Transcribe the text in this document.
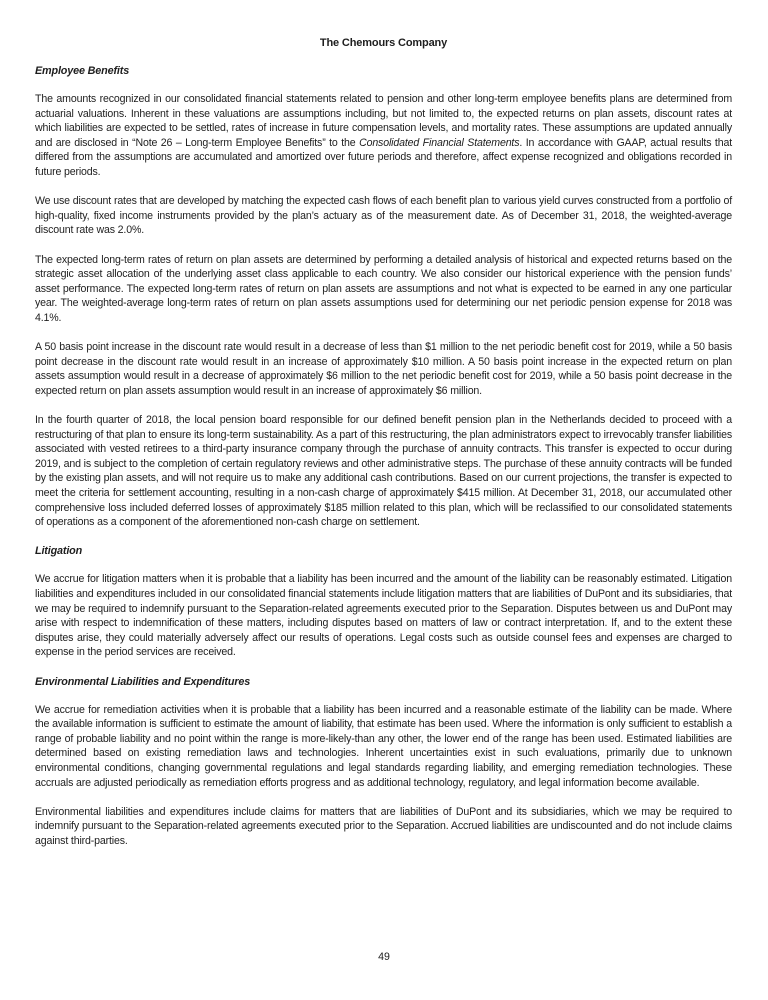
The Chemours Company
Employee Benefits

The amounts recognized in our consolidated financial statements related to pension and other long-term employee benefits plans are determined from actuarial valuations. Inherent in these valuations are assumptions including, but not limited to, the expected returns on plan assets, discount rates at which liabilities are expected to be settled, rates of increase in future compensation levels, and mortality rates. These assumptions are updated annually and are disclosed in “Note 26 – Long-term Employee Benefits” to the Consolidated Financial Statements. In accordance with GAAP, actual results that differed from the assumptions are accumulated and amortized over future periods and therefore, affect expense recognized and obligations recorded in future periods.

We use discount rates that are developed by matching the expected cash flows of each benefit plan to various yield curves constructed from a portfolio of high-quality, fixed income instruments provided by the plan’s actuary as of the measurement date. As of December 31, 2018, the weighted-average discount rate was 2.0%.

The expected long-term rates of return on plan assets are determined by performing a detailed analysis of historical and expected returns based on the strategic asset allocation of the underlying asset class applicable to each country. We also consider our historical experience with the pension funds’ asset performance. The expected long-term rates of return on plan assets are assumptions and not what is expected to be earned in any one particular year. The weighted-average long-term rates of return on plan assets assumptions used for determining our net periodic pension expense for 2018 was 4.1%.

A 50 basis point increase in the discount rate would result in a decrease of less than $1 million to the net periodic benefit cost for 2019, while a 50 basis point decrease in the discount rate would result in an increase of approximately $10 million. A 50 basis point increase in the expected return on plan assets assumption would result in a decrease of approximately $6 million to the net periodic benefit cost for 2019, while a 50 basis point decrease in the expected return on plan assets assumption would result in an increase of approximately $6 million.

In the fourth quarter of 2018, the local pension board responsible for our defined benefit pension plan in the Netherlands decided to proceed with a restructuring of that plan to ensure its long-term sustainability. As a part of this restructuring, the plan administrators expect to irrevocably transfer liabilities associated with vested retirees to a third-party insurance company through the purchase of annuity contracts. This transfer is expected to occur during 2019, and is subject to the completion of certain regulatory reviews and other administrative steps. The purchase of these annuity contracts will be funded by the existing plan assets, and will not require us to make any additional cash contributions. Based on our current projections, the transfer is expected to meet the criteria for settlement accounting, resulting in a non-cash charge of approximately $415 million. At December 31, 2018, our accumulated other comprehensive loss included deferred losses of approximately $185 million related to this plan, which will be reclassified to our consolidated statements of operations as a component of the aforementioned non-cash charge on settlement.

Litigation

We accrue for litigation matters when it is probable that a liability has been incurred and the amount of the liability can be reasonably estimated. Litigation liabilities and expenditures included in our consolidated financial statements include litigation matters that are liabilities of DuPont and its subsidiaries, that we may be required to indemnify pursuant to the Separation-related agreements executed prior to the Separation. Disputes between us and DuPont may arise with respect to indemnification of these matters, including disputes based on matters of law or contract interpretation. If, and to the extent these disputes arise, they could materially adversely affect our results of operations. Legal costs such as outside counsel fees and expenses are charged to expense in the period services are received.

Environmental Liabilities and Expenditures

We accrue for remediation activities when it is probable that a liability has been incurred and a reasonable estimate of the liability can be made. Where the available information is sufficient to estimate the amount of liability, that estimate has been used. Where the information is only sufficient to establish a range of probable liability and no point within the range is more-likely-than any other, the lower end of the range has been used. Estimated liabilities are determined based on existing remediation laws and technologies. Inherent uncertainties exist in such evaluations, primarily due to unknown environmental conditions, changing governmental regulations and legal standards regarding liability, and emerging remediation technologies. These accruals are adjusted periodically as remediation efforts progress and as additional technology, regulatory, and legal information become available.

Environmental liabilities and expenditures include claims for matters that are liabilities of DuPont and its subsidiaries, which we may be required to indemnify pursuant to the Separation-related agreements executed prior to the Separation. Accrued liabilities are undiscounted and do not include claims against third-parties.

49
